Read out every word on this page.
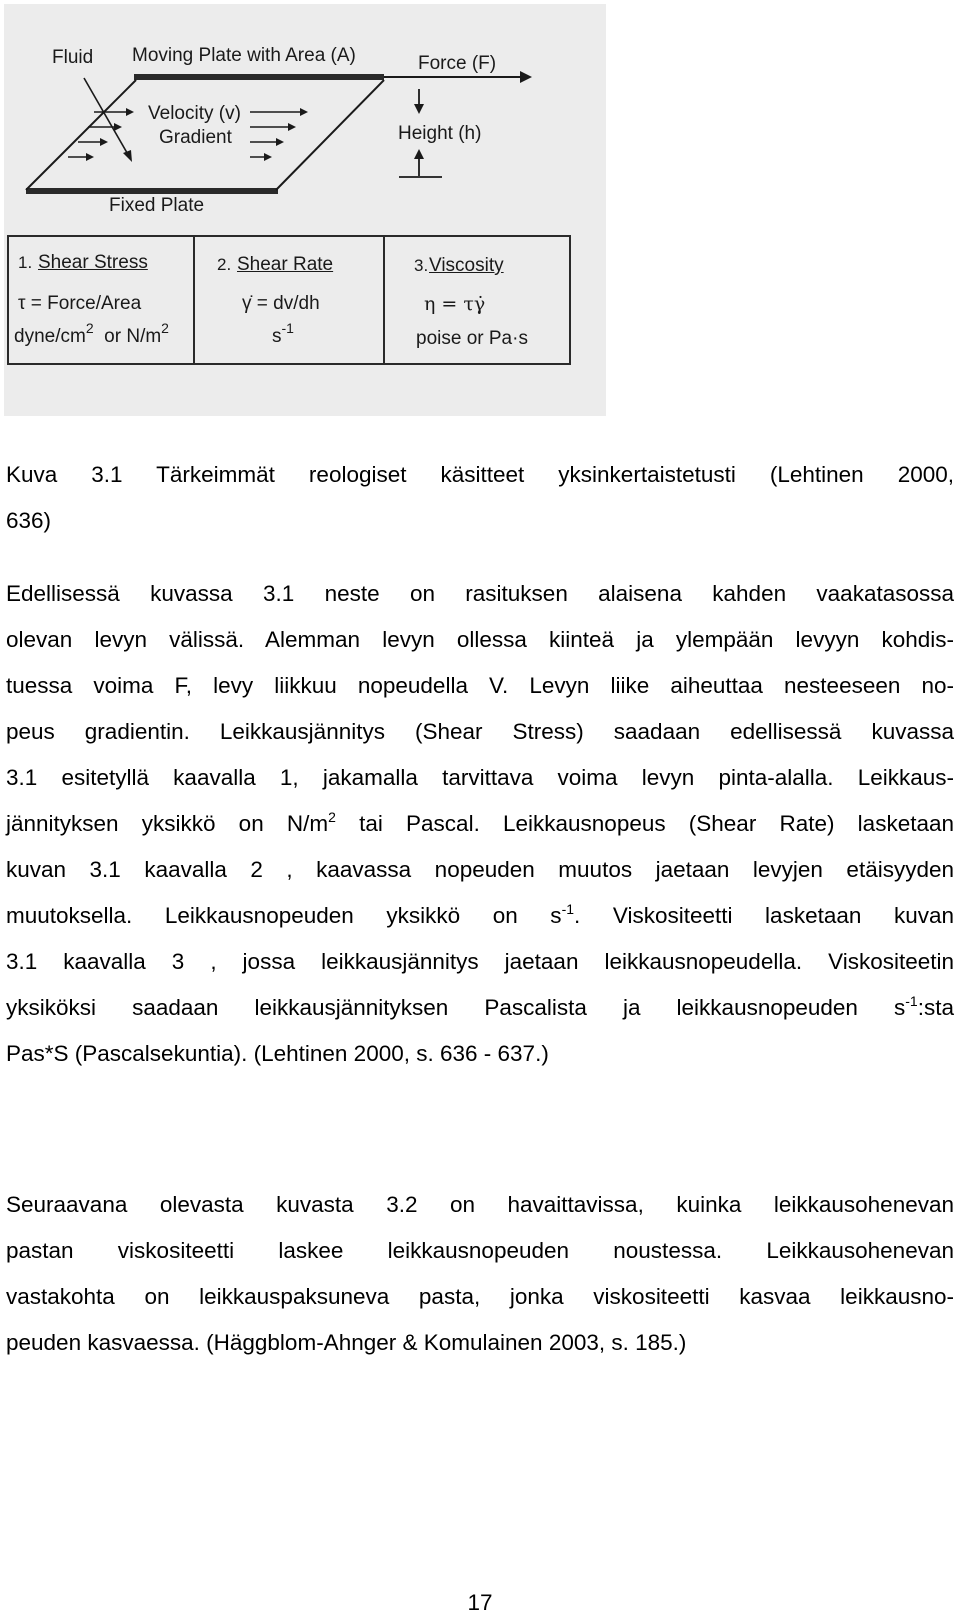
Fluid Moving Plate with Area (A)	Force (F)
Velocity (v)
Gradient	Height (h)
Fixed Plate
1. Shear Stress
τ = Force/Area
dyne/$cm^2$ or $N/m^2$
2. Shear Rate
γ̇ = dv/dh
$s^{-1}$
3. Viscosity
η = τγ̇
poise or Pa·s

Kuva 3.1 Tärkeimmät reologiset käsitteet yksinkertaistetusti (Lehtinen 2000,

636)

Edellisessä kuvassa 3.1 neste on rasituksen alaisena kahden vaakatasossa

olevan levyn välissä. Alemman levyn ollessa kiinteä ja ylempään levyyn kohdis-

tuessa voima F, levy liikkuu nopeudella V. Levyn liike aiheuttaa nesteeseen no-

peus gradientin. Leikkausjännitys (Shear Stress) saadaan edellisessä kuvassa

3.1 esitetyllä kaavalla 1, jakamalla tarvittava voima levyn pinta-alalla. Leikkaus-

jännityksen yksikkö on $N/m^2$ tai Pascal. Leikkausnopeus (Shear Rate) lasketaan

kuvan 3.1 kaavalla 2 , kaavassa nopeuden muutos jaetaan levyjen etäisyyden

muutoksella. Leikkausnopeuden yksikkö on $s^{-1}$. Viskositeetti lasketaan kuvan

3.1 kaavalla 3 , jossa leikkausjännitys jaetaan leikkausnopeudella. Viskositeetin

yksiköksi saadaan leikkausjännityksen Pascalista ja leikkausnopeuden $s^{-1}:sta$

Pas*S (Pascalsekuntia). (Lehtinen 2000, s. 636 - 637.)

Seuraavana olevasta kuvasta 3.2 on havaittavissa, kuinka leikkausohenevan

pastan viskositeetti laskee leikkausnopeuden noustessa. Leikkausohenevan

vastakohta on leikkauspaksuneva pasta, jonka viskositeetti kasvaa leikkausno-

peuden kasvaessa. (Häggblom-Ahnger & Komulainen 2003, s. 185.)

17
